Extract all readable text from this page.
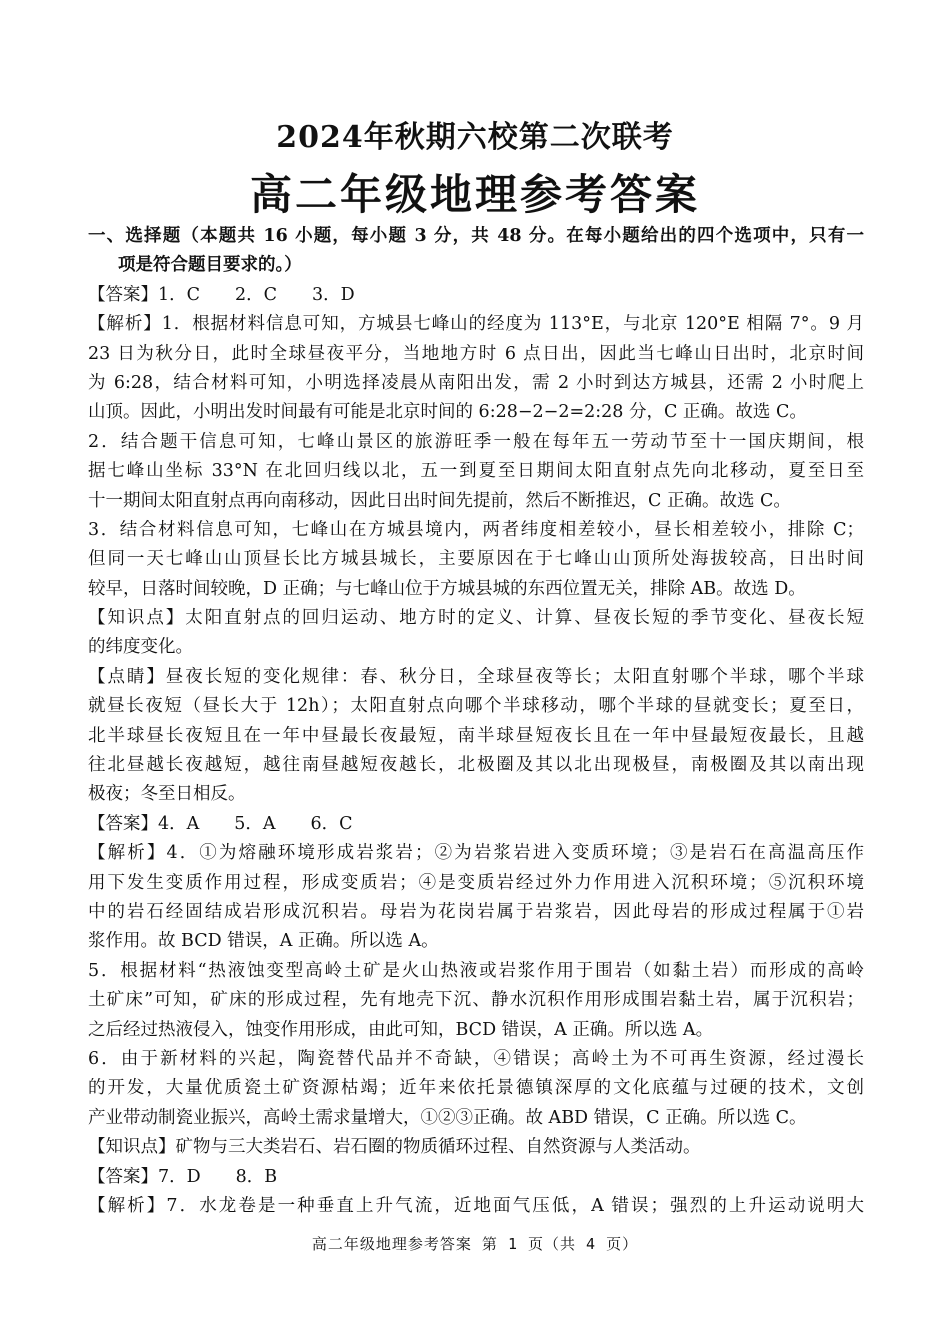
2024年秋期六校第二次联考
高二年级地理参考答案
一、选择题（本题共 16 小题，每小题 3 分，共 48 分。在每小题给出的四个选项中，只有一
项是符合题目要求的。）
【答案】1．C　　2．C　　3．D
【解析】1．根据材料信息可知，方城县七峰山的经度为 113°E，与北京 120°E 相隔 7°。9 月
23 日为秋分日，此时全球昼夜平分，当地地方时 6 点日出，因此当七峰山日出时，北京时间
为 6:28，结合材料可知，小明选择凌晨从南阳出发，需 2 小时到达方城县，还需 2 小时爬上
山顶。因此，小明出发时间最有可能是北京时间的 6:28−2−2=2:28 分，C 正确。故选 C。
2．结合题干信息可知，七峰山景区的旅游旺季一般在每年五一劳动节至十一国庆期间，根
据七峰山坐标 33°N 在北回归线以北，五一到夏至日期间太阳直射点先向北移动，夏至日至
十一期间太阳直射点再向南移动，因此日出时间先提前，然后不断推迟，C 正确。故选 C。
3．结合材料信息可知，七峰山在方城县境内，两者纬度相差较小，昼长相差较小，排除 C；
但同一天七峰山山顶昼长比方城县城长，主要原因在于七峰山山顶所处海拔较高，日出时间
较早，日落时间较晚，D 正确；与七峰山位于方城县城的东西位置无关，排除 AB。故选 D。
【知识点】太阳直射点的回归运动、地方时的定义、计算、昼夜长短的季节变化、昼夜长短
的纬度变化。
【点睛】昼夜长短的变化规律：春、秋分日，全球昼夜等长；太阳直射哪个半球，哪个半球
就昼长夜短（昼长大于 12h）；太阳直射点向哪个半球移动，哪个半球的昼就变长；夏至日，
北半球昼长夜短且在一年中昼最长夜最短，南半球昼短夜长且在一年中昼最短夜最长，且越
往北昼越长夜越短，越往南昼越短夜越长，北极圈及其以北出现极昼，南极圈及其以南出现
极夜；冬至日相反。
【答案】4．A　　5．A　　6．C
【解析】4．①为熔融环境形成岩浆岩；②为岩浆岩进入变质环境；③是岩石在高温高压作
用下发生变质作用过程，形成变质岩；④是变质岩经过外力作用进入沉积环境；⑤沉积环境
中的岩石经固结成岩形成沉积岩。母岩为花岗岩属于岩浆岩，因此母岩的形成过程属于①岩
浆作用。故 BCD 错误，A 正确。所以选 A。
5．根据材料“热液蚀变型高岭土矿是火山热液或岩浆作用于围岩（如黏土岩）而形成的高岭
土矿床”可知，矿床的形成过程，先有地壳下沉、静水沉积作用形成围岩黏土岩，属于沉积岩；
之后经过热液侵入，蚀变作用形成，由此可知，BCD 错误，A 正确。所以选 A。
6．由于新材料的兴起，陶瓷替代品并不奇缺，④错误；高岭土为不可再生资源，经过漫长
的开发，大量优质瓷土矿资源枯竭；近年来依托景德镇深厚的文化底蕴与过硬的技术，文创
产业带动制瓷业振兴，高岭土需求量增大，①②③正确。故 ABD 错误，C 正确。所以选 C。
【知识点】矿物与三大类岩石、岩石圈的物质循环过程、自然资源与人类活动。
【答案】7．D　　8．B
【解析】7．水龙卷是一种垂直上升气流，近地面气压低，A 错误；强烈的上升运动说明大
高二年级地理参考答案 第 1 页（共 4 页）
